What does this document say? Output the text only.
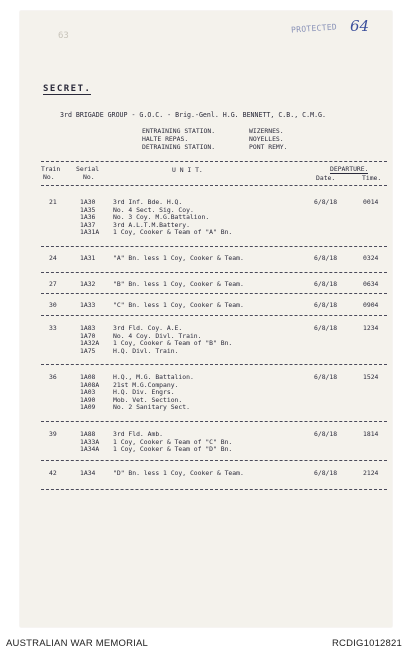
PROTECTED 64
63
SECRET.
3rd BRIGADE GROUP - G.O.C. - Brig.-Genl. H.G. BENNETT, C.B., C.M.G.
ENTRAINING STATION.	WIZERNES.
HALTE REPAS.	NOYELLES.
DETRAINING STATION.	PONT REMY.
Train
No.
Serial
No.
U N I T.	DEPARTURE.
Date.	Time.
21	1A30	3rd Inf. Bde. H.Q.
1A35	No. 4 Sect. Sig. Coy.
1A36	No. 3 Coy. M.G.Battalion.
1A37	3rd A.L.T.M.Battery.
1A31A 1 Coy, Cooker & Team of "A" Bn.
6/8/18	0014
24	1A31	"A" Bn. less 1 Coy, Cooker & Team.	6/8/18	0324
27	1A32	"B" Bn. less 1 Coy, Cooker & Team.	6/8/18	0634
30	1A33	"C" Bn. less 1 Coy, Cooker & Team.	6/8/18	0904
33	1A83	3rd Fld. Coy. A.E.
1A70	No. 4 Coy. Divl. Train.
1A32A 1 Coy, Cooker & Team of "B" Bn.
1A75	H.Q. Divl. Train.
6/8/18	1234
36	1A08	H.Q., M.G. Battalion.
1A08A 21st M.G.Company.
1A03	H.Q. Div. Engrs.
1A90	Mob. Vet. Section.
1A09	No. 2 Sanitary Sect.
6/8/18	1524
39	1A88	3rd Fld. Amb.
1A33A 1 Coy, Cooker & Team of "C" Bn.
1A34A 1 Coy, Cooker & Team of "D" Bn.
6/8/18	1814
42	1A34	"D" Bn. less 1 Coy, Cooker & Team.	6/8/18	2124
AUSTRALIAN WAR MEMORIAL	RCDIG1012821
